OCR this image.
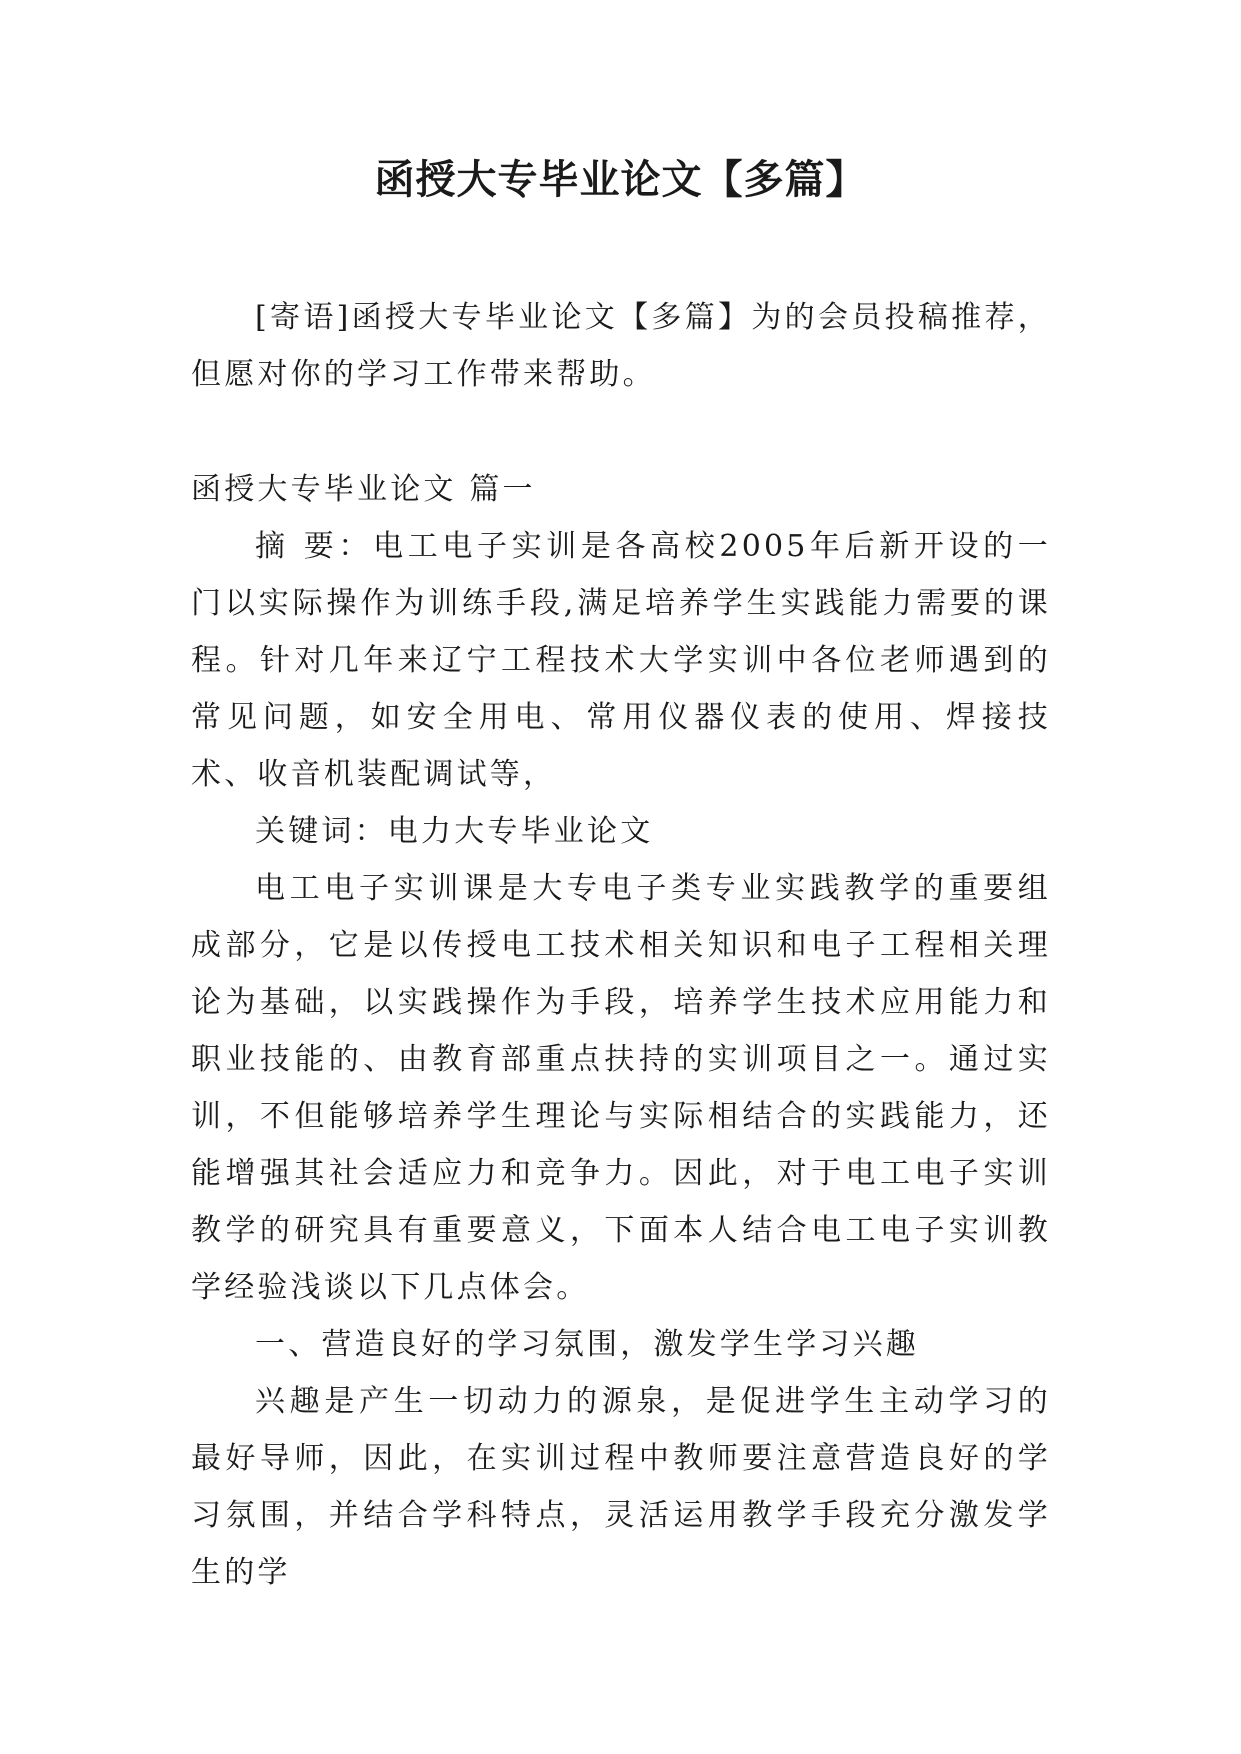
函授大专毕业论文【多篇】

[寄语]函授大专毕业论文【多篇】为的会员投稿推荐，但愿对你的学习工作带来帮助。

函授大专毕业论文 篇一

摘 要：电工电子实训是各高校2005年后新开设的一门以实际操作为训练手段,满足培养学生实践能力需要的课程。针对几年来辽宁工程技术大学实训中各位老师遇到的常见问题，如安全用电、常用仪器仪表的使用、焊接技术、收音机装配调试等，

关键词：电力大专毕业论文

电工电子实训课是大专电子类专业实践教学的重要组成部分，它是以传授电工技术相关知识和电子工程相关理论为基础，以实践操作为手段，培养学生技术应用能力和职业技能的、由教育部重点扶持的实训项目之一。通过实训，不但能够培养学生理论与实际相结合的实践能力，还能增强其社会适应力和竞争力。因此，对于电工电子实训教学的研究具有重要意义，下面本人结合电工电子实训教学经验浅谈以下几点体会。

一、营造良好的学习氛围，激发学生学习兴趣

兴趣是产生一切动力的源泉，是促进学生主动学习的最好导师，因此，在实训过程中教师要注意营造良好的学习氛围，并结合学科特点，灵活运用教学手段充分激发学生的学
